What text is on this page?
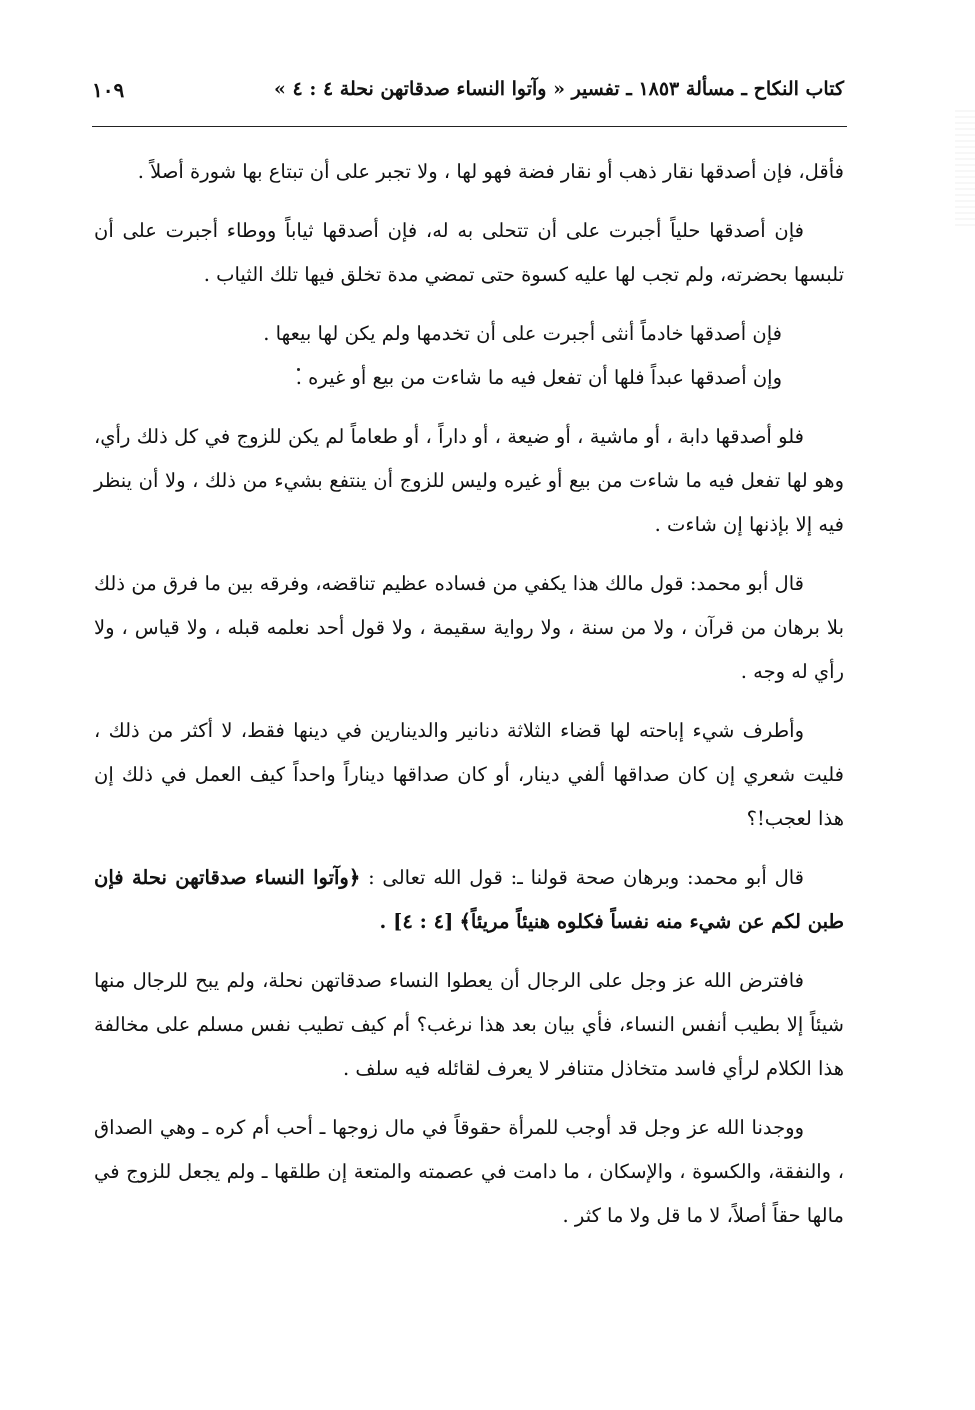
كتاب النكاح ـ مسألة ١٨٥٣ ـ تفسير « وآتوا النساء صدقاتهن نحلة ٤ : ٤ »
١٠٩

فأقل، فإن أصدقها نقار ذهب أو نقار فضة فهو لها ، ولا تجبر على أن تبتاع بها شورة أصلاً .

فإن أصدقها حلياً أجبرت على أن تتحلى به له، فإن أصدقها ثياباً ووطاء أجبرت على أن تلبسها بحضرته، ولم تجب لها عليه كسوة حتى تمضي مدة تخلق فيها تلك الثياب .

فإن أصدقها خادماً أنثى أجبرت على أن تخدمها ولم يكن لها بيعها .

وإن أصدقها عبداً فلها أن تفعل فيه ما شاءت من بيع أو غيره .

فلو أصدقها دابة ، أو ماشية ، أو ضيعة ، أو داراً ، أو طعاماً لم يكن للزوج في كل ذلك رأي، وهو لها تفعل فيه ما شاءت من بيع أو غيره وليس للزوج أن ينتفع بشيء من ذلك ، ولا أن ينظر فيه إلا بإذنها إن شاءت .

قال أبو محمد: قول مالك هذا يكفي من فساده عظيم تناقضه، وفرقه بين ما فرق من ذلك بلا برهان من قرآن ، ولا من سنة ، ولا رواية سقيمة ، ولا قول أحد نعلمه قبله ، ولا قياس ، ولا رأي له وجه .

وأطرف شيء إباحته لها قضاء الثلاثة دنانير والدينارين في دينها فقط، لا أكثر من ذلك ، فليت شعري إن كان صداقها ألفي دينار، أو كان صداقها ديناراً واحداً كيف العمل في ذلك إن هذا لعجب!؟

قال أبو محمد: وبرهان صحة قولنا ـ: قول الله تعالى : ﴿وآتوا النساء صدقاتهن نحلة فإن طبن لكم عن شيء منه نفساً فكلوه هنيئاً مريئاً﴾ [٤ : ٤] .

فافترض الله عز وجل على الرجال أن يعطوا النساء صدقاتهن نحلة، ولم يبح للرجال منها شيئاً إلا بطيب أنفس النساء، فأي بيان بعد هذا نرغب؟ أم كيف تطيب نفس مسلم على مخالفة هذا الكلام لرأي فاسد متخاذل متنافر لا يعرف لقائله فيه سلف .

ووجدنا الله عز وجل قد أوجب للمرأة حقوقاً في مال زوجها ـ أحب أم كره ـ وهي الصداق ، والنفقة، والكسوة ، والإسكان ، ما دامت في عصمته والمتعة إن طلقها ـ ولم يجعل للزوج في مالها حقاً أصلاً، لا ما قل ولا ما كثر .
